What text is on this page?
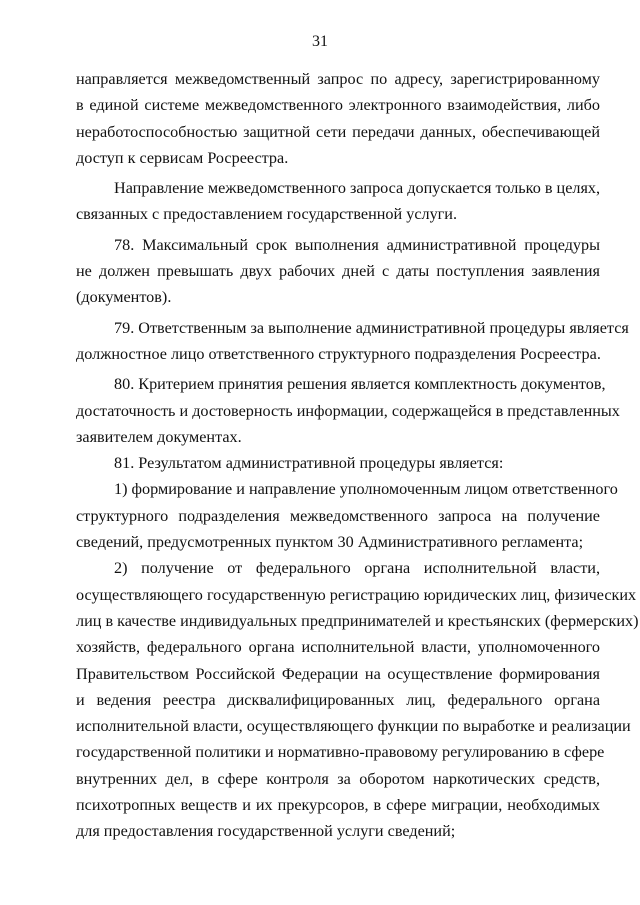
31
направляется межведомственный запрос по адресу, зарегистрированному
в единой системе межведомственного электронного взаимодействия, либо
неработоспособностью защитной сети передачи данных, обеспечивающей
доступ к сервисам Росреестра.
Направление межведомственного запроса допускается только в целях,
связанных с предоставлением государственной услуги.
78. Максимальный срок выполнения административной процедуры
не должен превышать двух рабочих дней с даты поступления заявления
(документов).
79. Ответственным за выполнение административной процедуры является
должностное лицо ответственного структурного подразделения Росреестра.
80. Критерием принятия решения является комплектность документов,
достаточность и достоверность информации, содержащейся в представленных
заявителем документах.
81. Результатом административной процедуры является:
1) формирование и направление уполномоченным лицом ответственного
структурного подразделения межведомственного запроса на получение
сведений, предусмотренных пунктом 30 Административного регламента;
2) получение от федерального органа исполнительной власти,
осуществляющего государственную регистрацию юридических лиц, физических
лиц в качестве индивидуальных предпринимателей и крестьянских (фермерских)
хозяйств, федерального органа исполнительной власти, уполномоченного
Правительством Российской Федерации на осуществление формирования
и ведения реестра дисквалифицированных лиц, федерального органа
исполнительной власти, осуществляющего функции по выработке и реализации
государственной политики и нормативно-правовому регулированию в сфере
внутренних дел, в сфере контроля за оборотом наркотических средств,
психотропных веществ и их прекурсоров, в сфере миграции, необходимых
для предоставления государственной услуги сведений;
